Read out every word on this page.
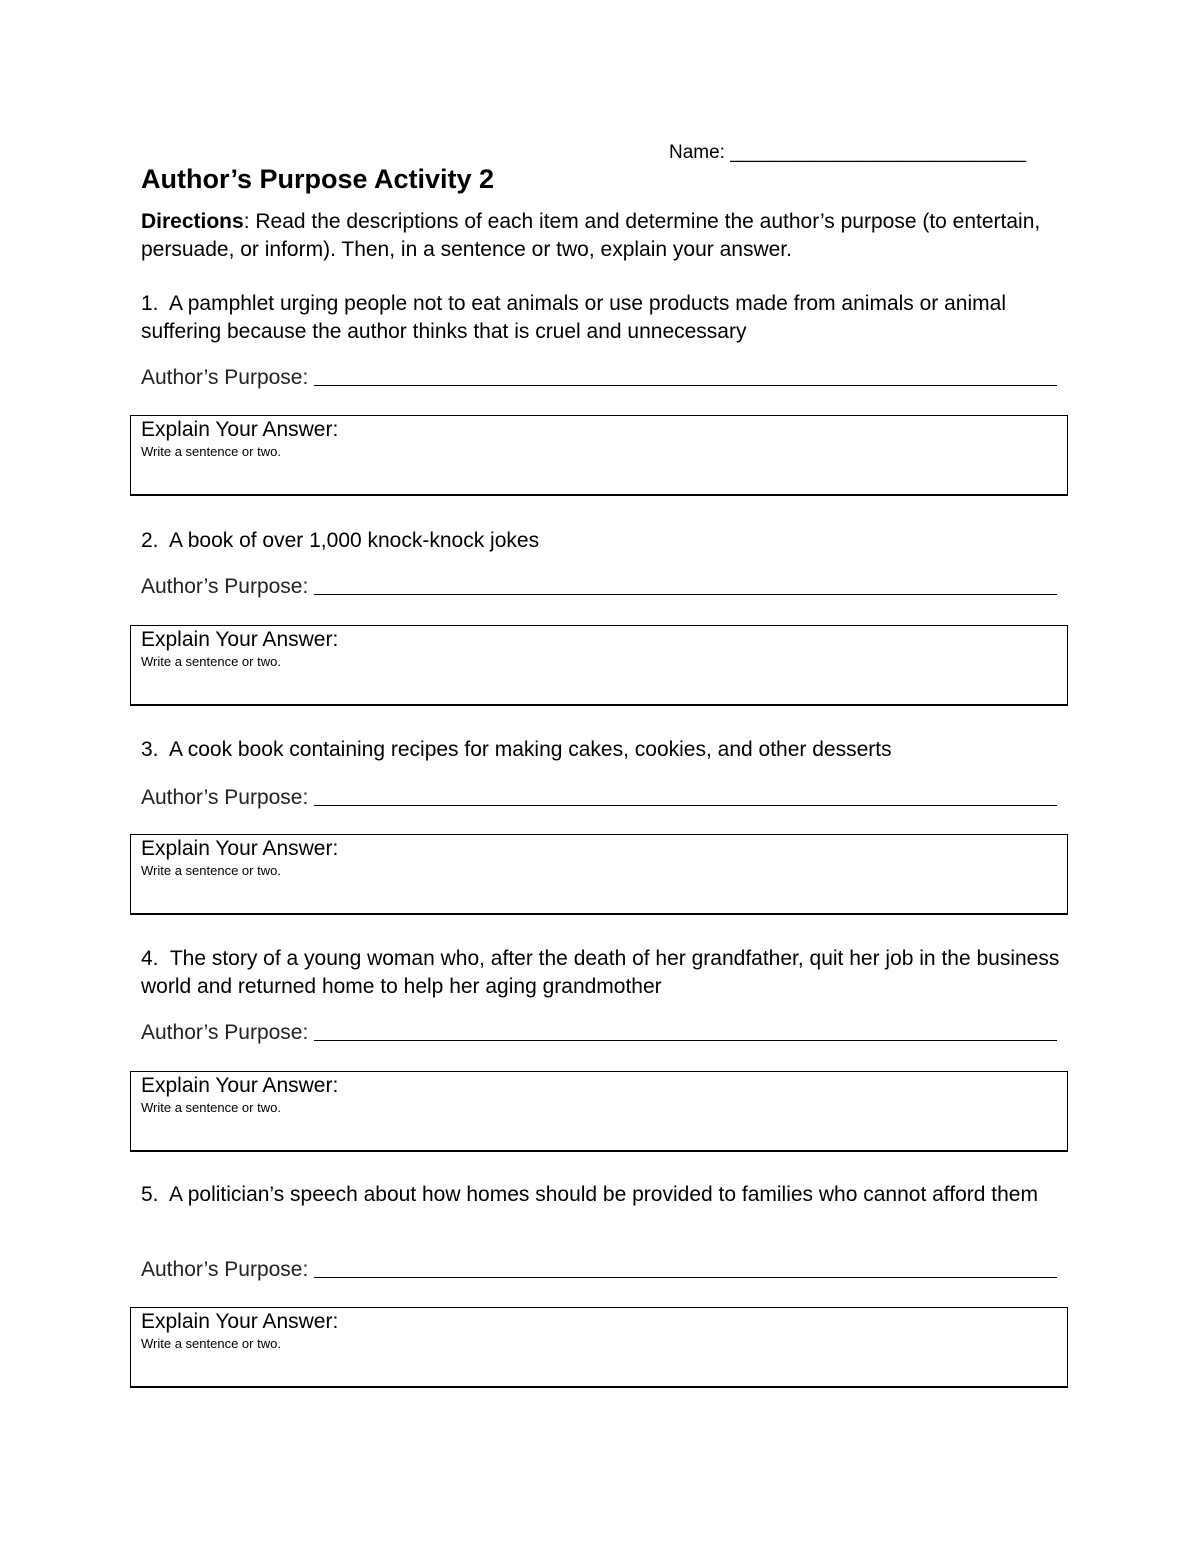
Name: ____________________________
Author’s Purpose Activity 2
Directions: Read the descriptions of each item and determine the author’s purpose (to entertain, persuade, or inform). Then, in a sentence or two, explain your answer.
1. A pamphlet urging people not to eat animals or use products made from animals or animal suffering because the author thinks that is cruel and unnecessary
Author’s Purpose:
Explain Your Answer:
Write a sentence or two.
2. A book of over 1,000 knock-knock jokes
Author’s Purpose:
Explain Your Answer:
Write a sentence or two.
3. A cook book containing recipes for making cakes, cookies, and other desserts
Author’s Purpose:
Explain Your Answer:
Write a sentence or two.
4. The story of a young woman who, after the death of her grandfather, quit her job in the business world and returned home to help her aging grandmother
Author’s Purpose:
Explain Your Answer:
Write a sentence or two.
5. A politician’s speech about how homes should be provided to families who cannot afford them
Author’s Purpose:
Explain Your Answer:
Write a sentence or two.
